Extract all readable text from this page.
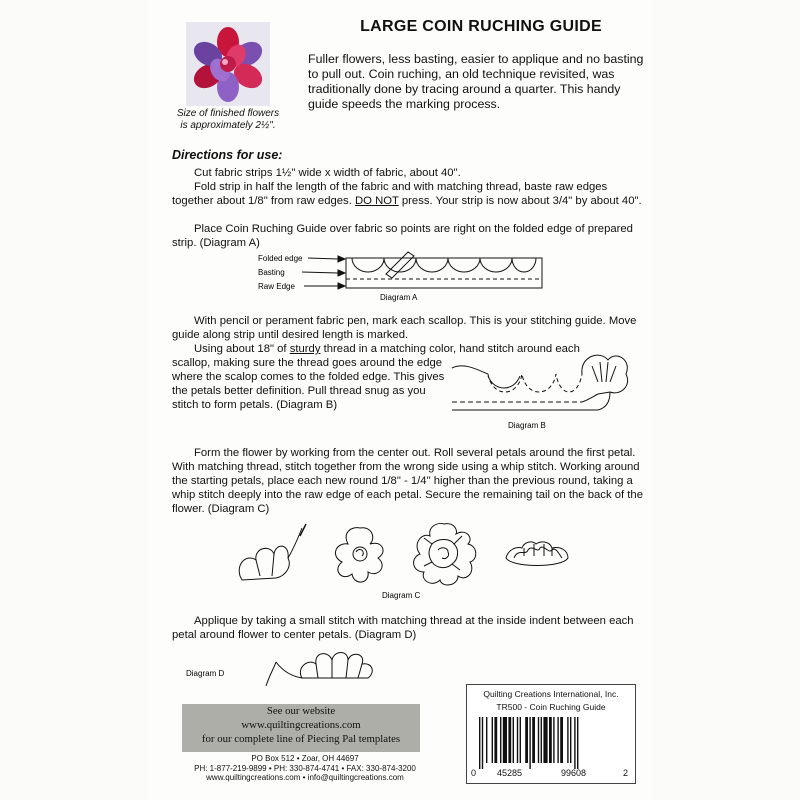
Size of finished flowers
is approximately 2½".
LARGE COIN RUCHING GUIDE
Fuller flowers, less basting, easier to applique and no basting to pull out. Coin ruching, an old technique revisited, was traditionally done by tracing around a quarter. This handy guide speeds the marking process.
Directions for use:
Cut fabric strips 1½" wide x width of fabric, about 40".
Fold strip in half the length of the fabric and with matching thread, baste raw edges together about 1/8" from raw edges. DO NOT press. Your strip is now about 3/4" by about 40".
Place Coin Ruching Guide over fabric so points are right on the folded edge of prepared strip. (Diagram A)
Folded edge
Basting
Raw Edge
Diagram A
With pencil or perament fabric pen, mark each scallop. This is your stitching guide. Move guide along strip until desired length is marked.
Using about 18" of sturdy thread in a matching color, hand stitch around each
scallop, making sure the thread goes around the edge where the scalop comes to the folded edge. This gives the petals better definition. Pull thread snug as you stitch to form petals. (Diagram B)
Diagram B
Form the flower by working from the center out. Roll several petals around the first petal. With matching thread, stitch together from the wrong side using a whip stitch. Working around the starting petals, place each new round 1/8" - 1/4" higher than the previous round, taking a whip stitch deeply into the raw edge of each petal. Secure the remaining tail on the back of the flower. (Diagram C)
Diagram C
Applique by taking a small stitch with matching thread at the inside indent between each petal around flower to center petals. (Diagram D)
Diagram D
See our website
www.quiltingcreations.com
for our complete line of Piecing Pal templates
PO Box 512 • Zoar, OH 44697
PH: 1-877-219-9899 • PH: 330-874-4741 • FAX: 330-874-3200
www.quiltingcreations.com • info@quiltingcreations.com
Quilting Creations International, Inc.
TR500 - Coin Ruching Guide
0 45285	99608	2
